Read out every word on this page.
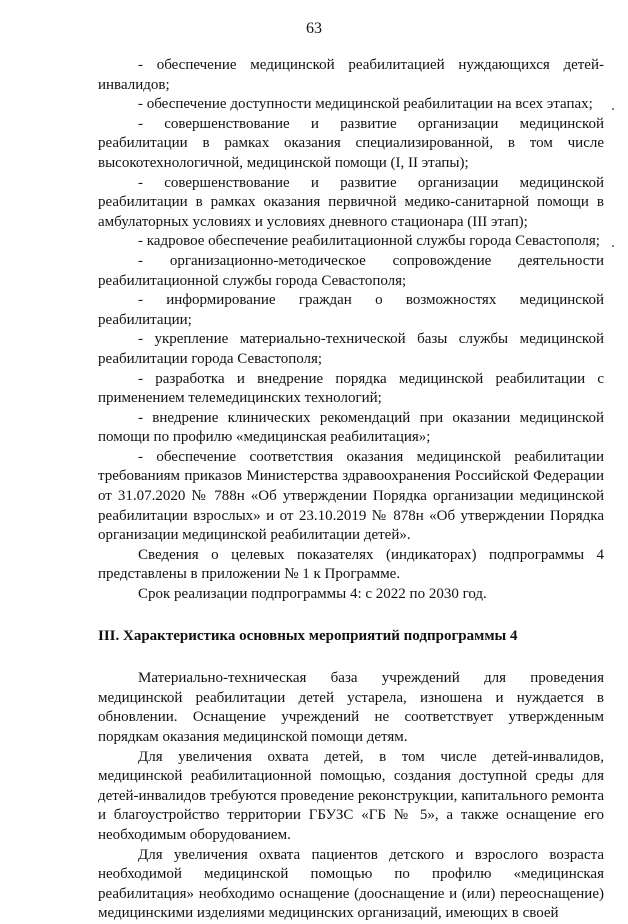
63

- обеспечение медицинской реабилитацией нуждающихся детей-инвалидов;

- обеспечение доступности медицинской реабилитации на всех этапах;

- совершенствование и развитие организации медицинской реабилитации в рамках оказания специализированной, в том числе высокотехнологичной, медицинской помощи (I, II этапы);

- совершенствование и развитие организации медицинской реабилитации в рамках оказания первичной медико-санитарной помощи в амбулаторных условиях и условиях дневного стационара (III этап);

- кадровое обеспечение реабилитационной службы города Севастополя;

- организационно-методическое сопровождение деятельности реабилитационной службы города Севастополя;

- информирование граждан о возможностях медицинской реабилитации;

- укрепление материально-технической базы службы медицинской реабилитации города Севастополя;

- разработка и внедрение порядка медицинской реабилитации с применением телемедицинских технологий;

- внедрение клинических рекомендаций при оказании медицинской помощи по профилю «медицинская реабилитация»;

- обеспечение соответствия оказания медицинской реабилитации требованиям приказов Министерства здравоохранения Российской Федерации от 31.07.2020 № 788н «Об утверждении Порядка организации медицинской реабилитации взрослых» и от 23.10.2019 № 878н «Об утверждении Порядка организации медицинской реабилитации детей».

Сведения о целевых показателях (индикаторах) подпрограммы 4 представлены в приложении № 1 к Программе.

Срок реализации подпрограммы 4: с 2022 по 2030 год.

III. Характеристика основных мероприятий подпрограммы 4

Материально-техническая база учреждений для проведения медицинской реабилитации детей устарела, изношена и нуждается в обновлении. Оснащение учреждений не соответствует утвержденным порядкам оказания медицинской помощи детям.

Для увеличения охвата детей, в том числе детей-инвалидов, медицинской реабилитационной помощью, создания доступной среды для детей-инвалидов требуются проведение реконструкции, капитального ремонта и благоустройство территории ГБУЗС «ГБ № 5», а также оснащение его необходимым оборудованием.

Для увеличения охвата пациентов детского и взрослого возраста необходимой медицинской помощью по профилю «медицинская реабилитация» необходимо оснащение (дооснащение и (или) переоснащение) медицинскими изделиями медицинских организаций, имеющих в своей
